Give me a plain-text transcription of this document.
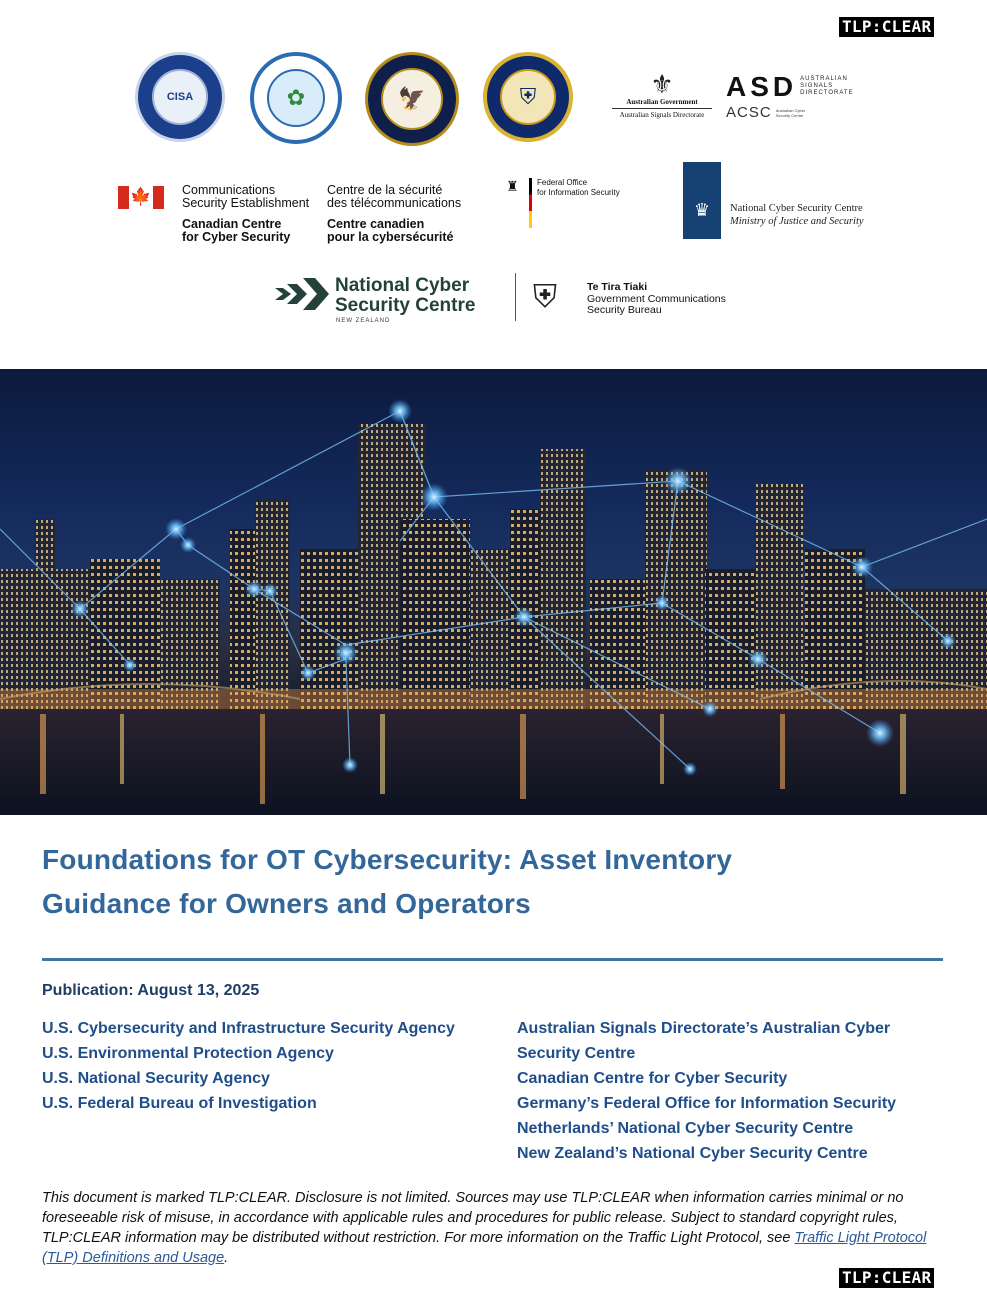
TLP:CLEAR
CISA	✿	🦅	⛨	⚜
Australian Government
Australian Signals Directorate
ASD AUSTRALIAN SIGNALS DIRECTORATE
ACSC Australian Cyber Security Centre
🍁 Communications
Security Establishment
Canadian Centre
for Cyber Security
Centre de la sécurité
des télécommunications
Centre canadien
pour la cybersécurité
♜ Federal Office
for Information Security
♛	National Cyber Security Centre
Ministry of Justice and Security
National Cyber
Security Centre
NEW ZEALAND
⛨	Te Tira Tiaki
Government Communications
Security Bureau
Foundations for OT Cybersecurity: Asset Inventory
Guidance for Owners and Operators
Publication: August 13, 2025
U.S. Cybersecurity and Infrastructure Security Agency
U.S. Environmental Protection Agency
U.S. National Security Agency
U.S. Federal Bureau of Investigation
Australian Signals Directorate’s Australian Cyber
Security Centre
Canadian Centre for Cyber Security
Germany’s Federal Office for Information Security
Netherlands’ National Cyber Security Centre
New Zealand’s National Cyber Security Centre

This document is marked TLP:CLEAR. Disclosure is not limited. Sources may use TLP:CLEAR when information carries minimal or no foreseeable risk of misuse, in accordance with applicable rules and procedures for public release. Subject to standard copyright rules, TLP:CLEAR information may be distributed without restriction. For more information on the Traffic Light Protocol, see Traffic Light Protocol (TLP) Definitions and Usage.

TLP:CLEAR
